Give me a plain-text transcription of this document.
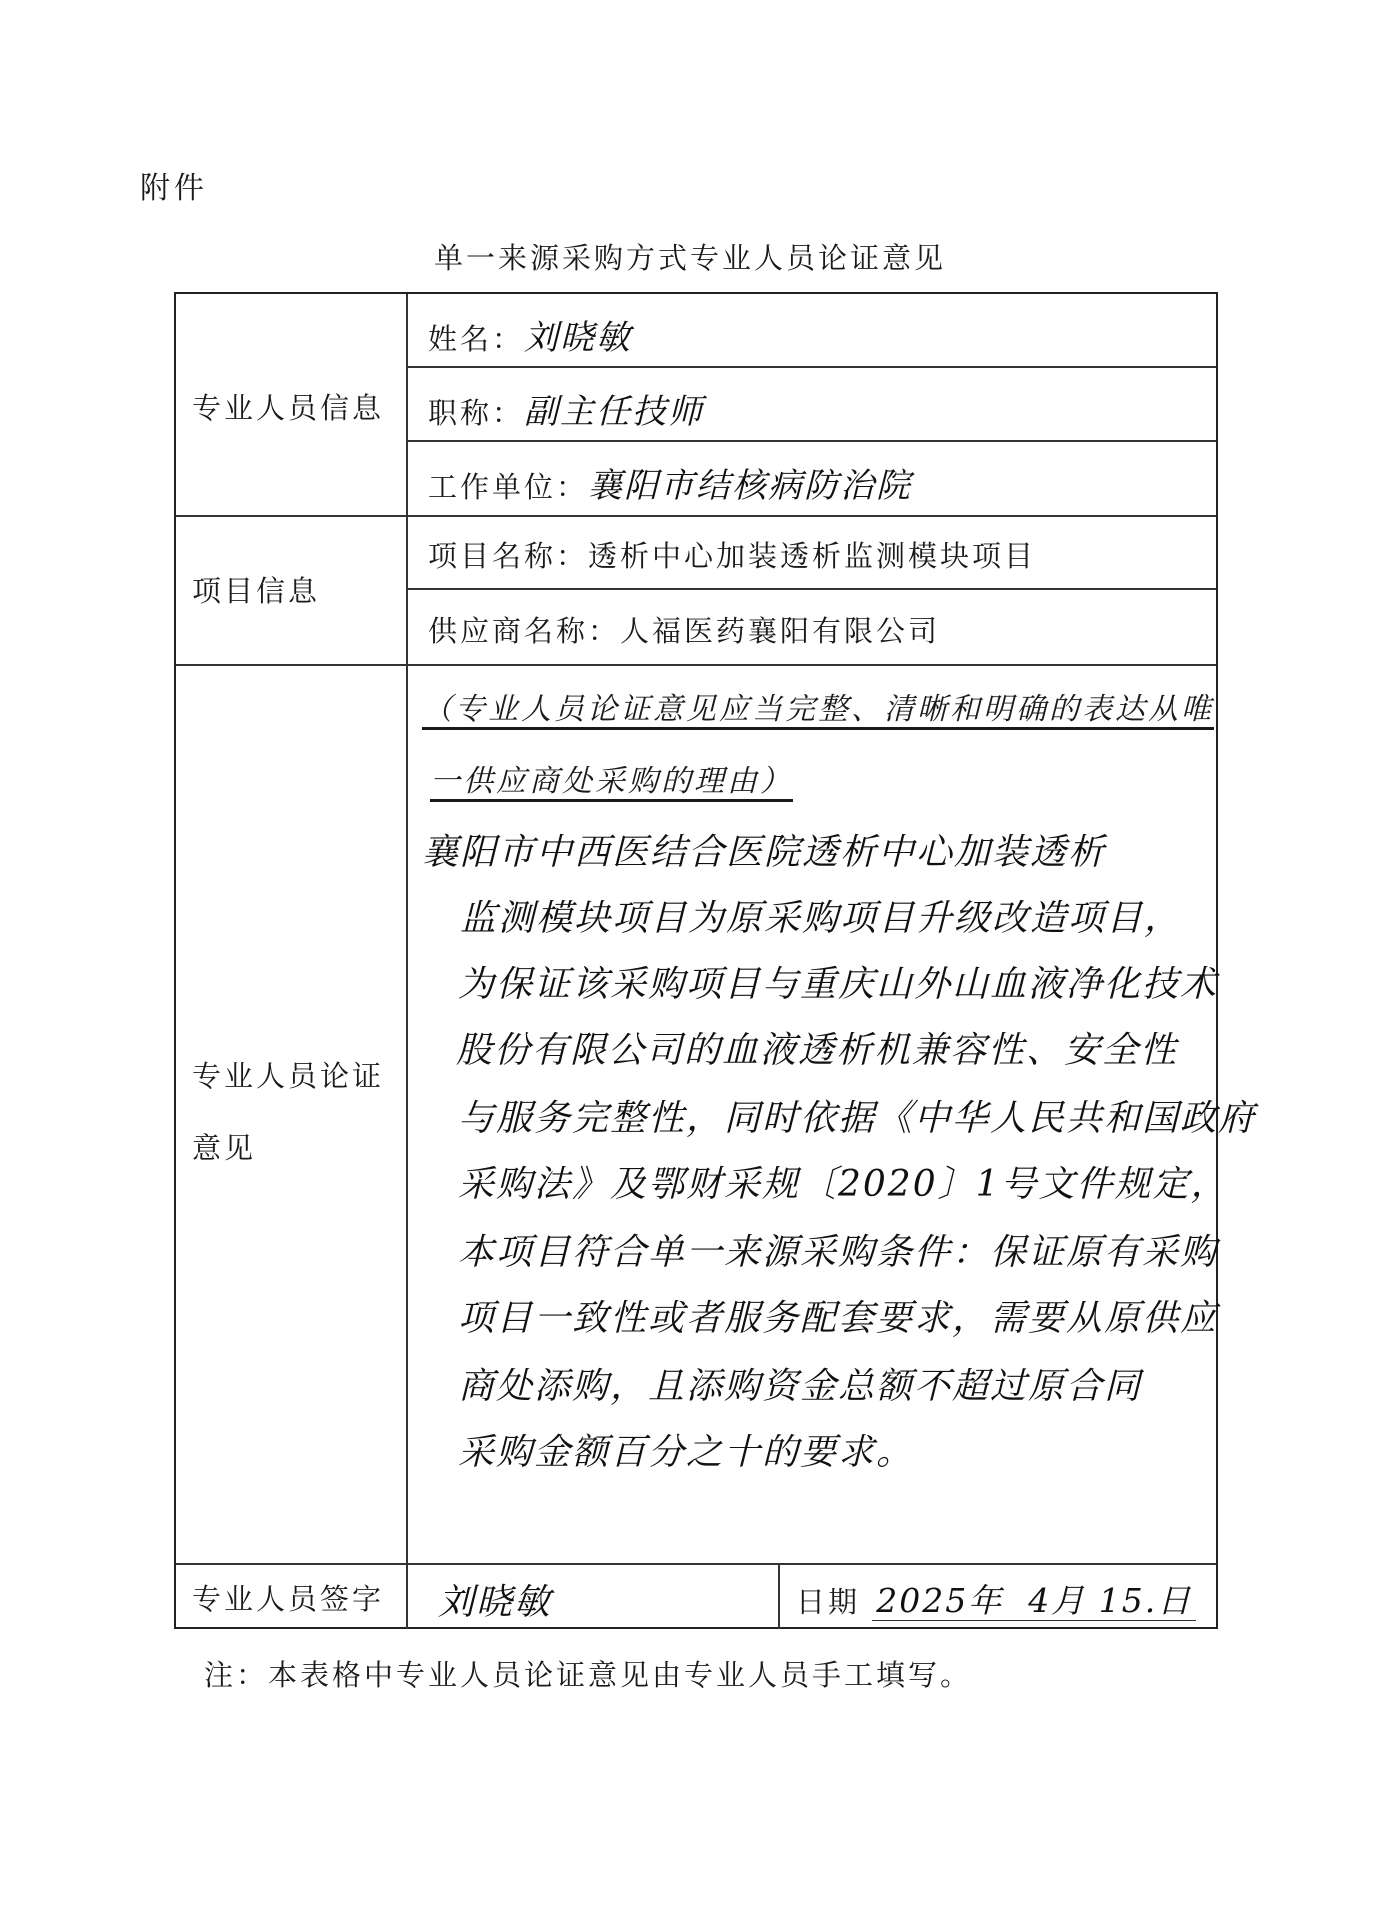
附件
单一来源采购方式专业人员论证意见
专业人员信息
姓名：刘晓敏
职称：副主任技师
工作单位：襄阳市结核病防治院
项目信息
项目名称：透析中心加装透析监测模块项目
供应商名称：人福医药襄阳有限公司
专业人员论证
意见
（专业人员论证意见应当完整、清晰和明确的表达从唯
一供应商处采购的理由）
襄阳市中西医结合医院透析中心加装透析
监测模块项目为原采购项目升级改造项目，
为保证该采购项目与重庆山外山血液净化技术
股份有限公司的血液透析机兼容性、安全性
与服务完整性，同时依据《中华人民共和国政府
采购法》及鄂财采规〔2020〕1号文件规定，
本项目符合单一来源采购条件：保证原有采购
项目一致性或者服务配套要求，需要从原供应
商处添购，且添购资金总额不超过原合同
采购金额百分之十的要求。
专业人员签字 刘晓敏	日期 2025年 4月 15.日
注：本表格中专业人员论证意见由专业人员手工填写。
